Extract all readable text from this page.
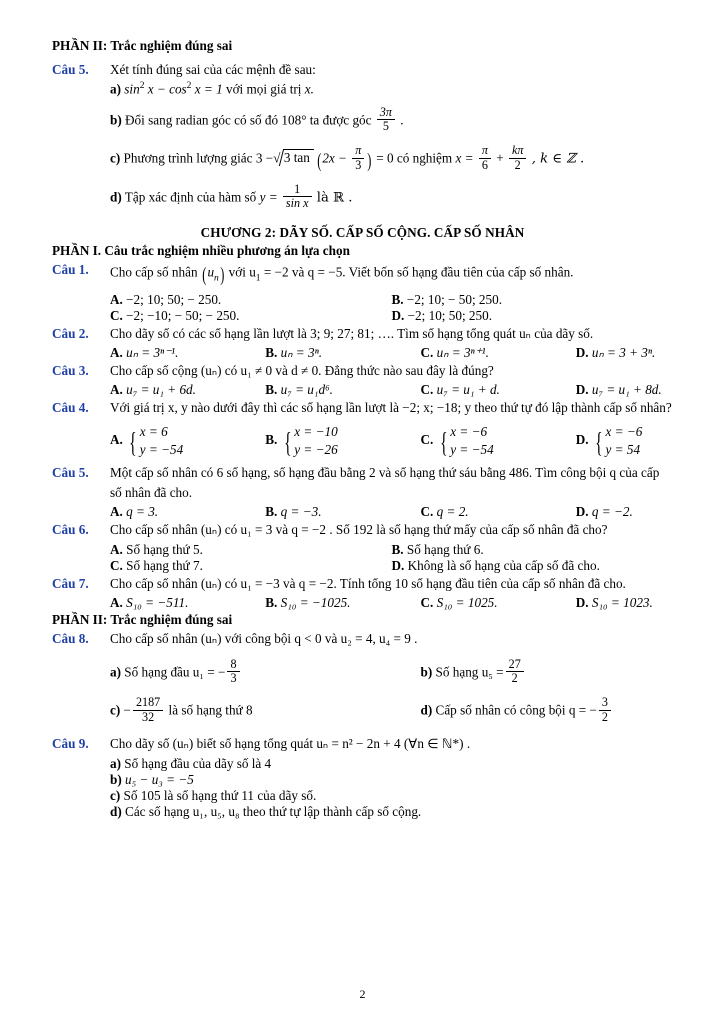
PHẦN II: Trắc nghiệm đúng sai
Câu 5.	Xét tính đúng sai của các mệnh đề sau:
a) $\sin^2 x - \cos^2 x = 1$ với mọi giá trị x.
b) Đổi sang radian góc có số đó 108° ta được góc $\frac{3\pi}{5}$ .
c) Phương trình lượng giác 3 −√ 3 $\tan (2x - \frac{\pi}{3}$ ) = 0 có nghiệm $x = \frac{\pi}{6} + \frac{k\pi}{2}$ , k ∈ ℤ .
d) Tập xác định của hàm số $y = \frac{1}{\text{sin x}}$ là ℝ .
CHƯƠNG 2: DÃY SỐ. CẤP SỐ CỘNG. CẤP SỐ NHÂN
PHẦN I. Câu trắc nghiệm nhiều phương án lựa chọn
Câu 1.	Cho cấp số nhân $(u_n)$ với $u_1 = -2$ và q = −5. Viết bốn số hạng đầu tiên của cấp số nhân.
A. −2; 10; 50; − 250.	B. −2; 10; − 50; 250.
C. −2; −10; − 50; − 250.	D. −2; 10; 50; 250.
Câu 2.	Cho dãy số có các số hạng lần lượt là 3; 9; 27; 81; …. Tìm số hạng tổng quát uₙ của dãy số.
A. uₙ = 3ⁿ⁻¹.	B. uₙ = 3ⁿ.	C. uₙ = 3ⁿ⁺¹.	D. uₙ = 3 + 3ⁿ.
Câu 3.	Cho cấp số cộng (uₙ) có u₁ ≠ 0 và d ≠ 0. Đẳng thức nào sau đây là đúng?
A. u₇ = u₁ + 6d.	B. u₇ = u₁d⁶.	C. u₇ = u₁ + d.	D. u₇ = u₁ + 8d.
Câu 4.	Với giá trị x, y nào dưới đây thì các số hạng lần lượt là −2; x; −18; y theo thứ tự đó lập thành cấp số nhân?
A. { x = 6
y = −54
B. { x = −10
y = −26
C. { x = −6
y = −54
D. { x = −6
y = 54
Câu 5.	Một cấp số nhân có 6 số hạng, số hạng đầu bằng 2 và số hạng thứ sáu bằng 486. Tìm công bội q của cấp số nhân đã cho.
A. q = 3.	B. q = −3.	C. q = 2.	D. q = −2.
Câu 6.	Cho cấp số nhân (uₙ) có u₁ = 3 và q = −2 . Số 192 là số hạng thứ mấy của cấp số nhân đã cho?
A. Số hạng thứ 5.	B. Số hạng thứ 6.
C. Số hạng thứ 7.	D. Không là số hạng của cấp số đã cho.
Câu 7.	Cho cấp số nhân (uₙ) có u₁ = −3 và q = −2. Tính tổng 10 số hạng đầu tiên của cấp số nhân đã cho.
A. S₁₀ = −511.	B. S₁₀ = −1025.	C. S₁₀ = 1025.	D. S₁₀ = 1023.
PHẦN II: Trắc nghiệm đúng sai
Câu 8.	Cho cấp số nhân (uₙ) với công bội q < 0 và u₂ = 4, u₄ = 9 .
a) Số hạng đầu u₁ = − $\frac{8}{3}$	b) Số hạng $u_5 = \frac{27}{2}$
$c) - \frac{2187}{32}$ là số hạng thứ 8	d) Cấp số nhân có công bội q = − $\frac{3}{2}$
Câu 9.	Cho dãy số (uₙ) biết số hạng tổng quát uₙ = n² − 2n + 4 (∀n ∈ ℕ*) .
a) Số hạng đầu của dãy số là 4
b) u₅ − u₃ = −5
c) Số 105 là số hạng thứ 11 của dãy số.
d) Các số hạng u₁, u₅, u₈ theo thứ tự lập thành cấp số cộng.
2
